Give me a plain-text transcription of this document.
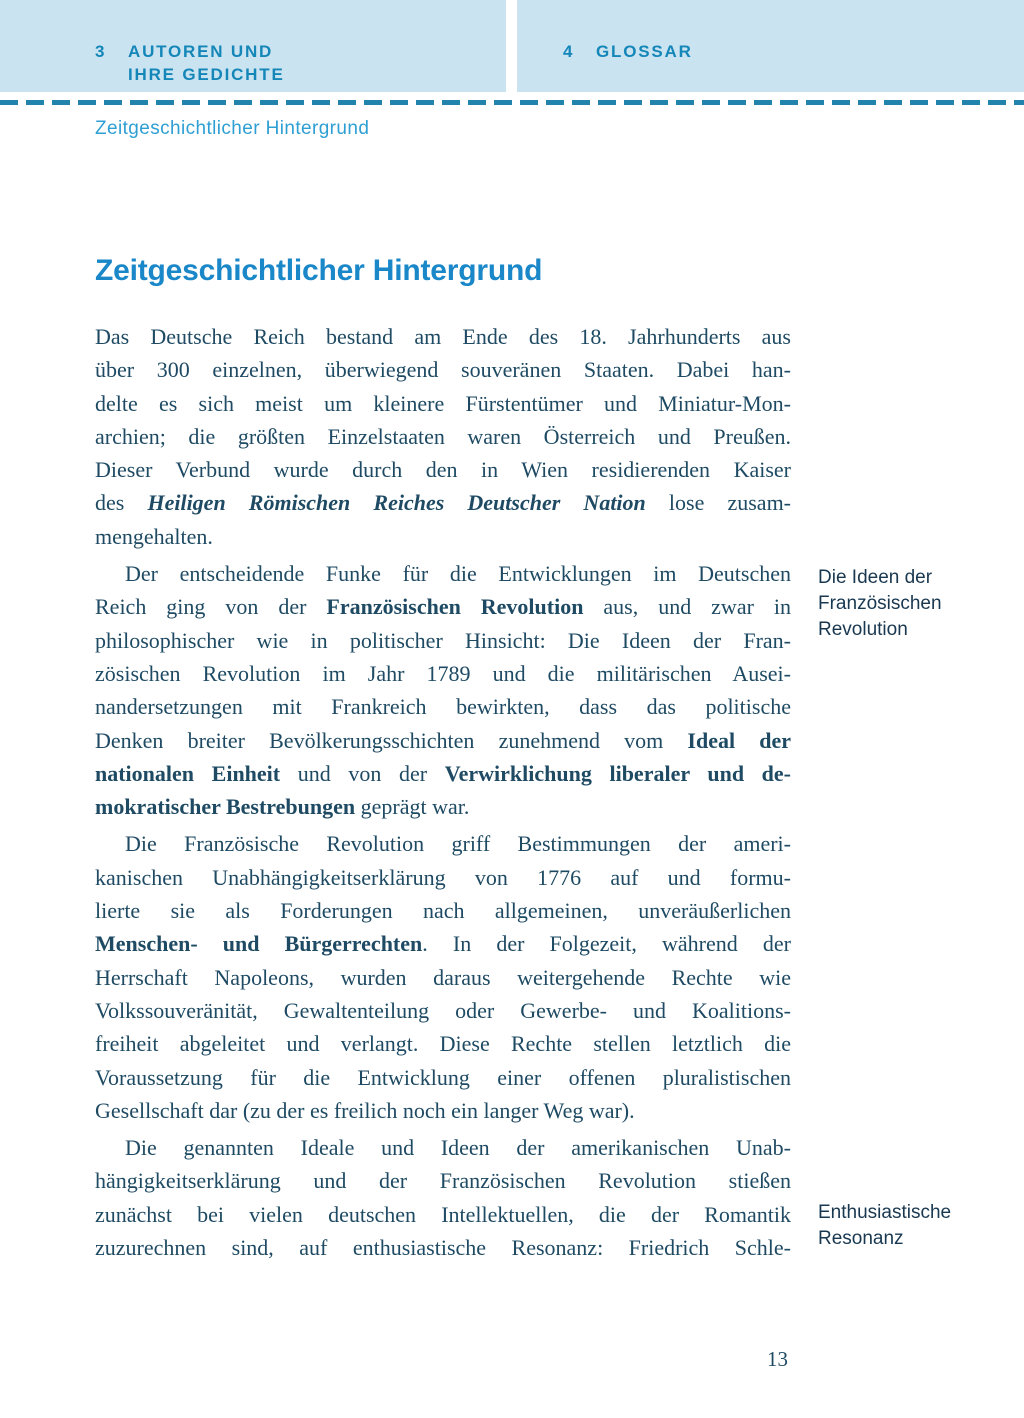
3 AUTOREN UND
IHRE GEDICHTE
4 GLOSSAR
Zeitgeschichtlicher Hintergrund
Zeitgeschichtlicher Hintergrund
Das Deutsche Reich bestand am Ende des 18. Jahrhunderts aus
über 300 einzelnen, überwiegend souveränen Staaten. Dabei han-
delte es sich meist um kleinere Fürstentümer und Miniatur-Mon-
archien; die größten Einzelstaaten waren Österreich und Preußen.
Dieser Verbund wurde durch den in Wien residierenden Kaiser
des Heiligen Römischen Reiches Deutscher Nation lose zusam-
mengehalten.
Der entscheidende Funke für die Entwicklungen im Deutschen
Reich ging von der Französischen Revolution aus, und zwar in
philosophischer wie in politischer Hinsicht: Die Ideen der Fran-
zösischen Revolution im Jahr 1789 und die militärischen Ausei-
nandersetzungen mit Frankreich bewirkten, dass das politische
Denken breiter Bevölkerungsschichten zunehmend vom Ideal der
nationalen Einheit und von der Verwirklichung liberaler und de-
mokratischer Bestrebungen geprägt war.
Die Französische Revolution griff Bestimmungen der ameri-
kanischen Unabhängigkeitserklärung von 1776 auf und formu-
lierte sie als Forderungen nach allgemeinen, unveräußerlichen
Menschen- und Bürgerrechten. In der Folgezeit, während der
Herrschaft Napoleons, wurden daraus weitergehende Rechte wie
Volkssouveränität, Gewaltenteilung oder Gewerbe- und Koalitions-
freiheit abgeleitet und verlangt. Diese Rechte stellen letztlich die
Voraussetzung für die Entwicklung einer offenen pluralistischen
Gesellschaft dar (zu der es freilich noch ein langer Weg war).
Die genannten Ideale und Ideen der amerikanischen Unab-
hängigkeitserklärung und der Französischen Revolution stießen
zunächst bei vielen deutschen Intellektuellen, die der Romantik
zuzurechnen sind, auf enthusiastische Resonanz: Friedrich Schle-
Die Ideen der
Französischen
Revolution
Enthusiastische
Resonanz
13
